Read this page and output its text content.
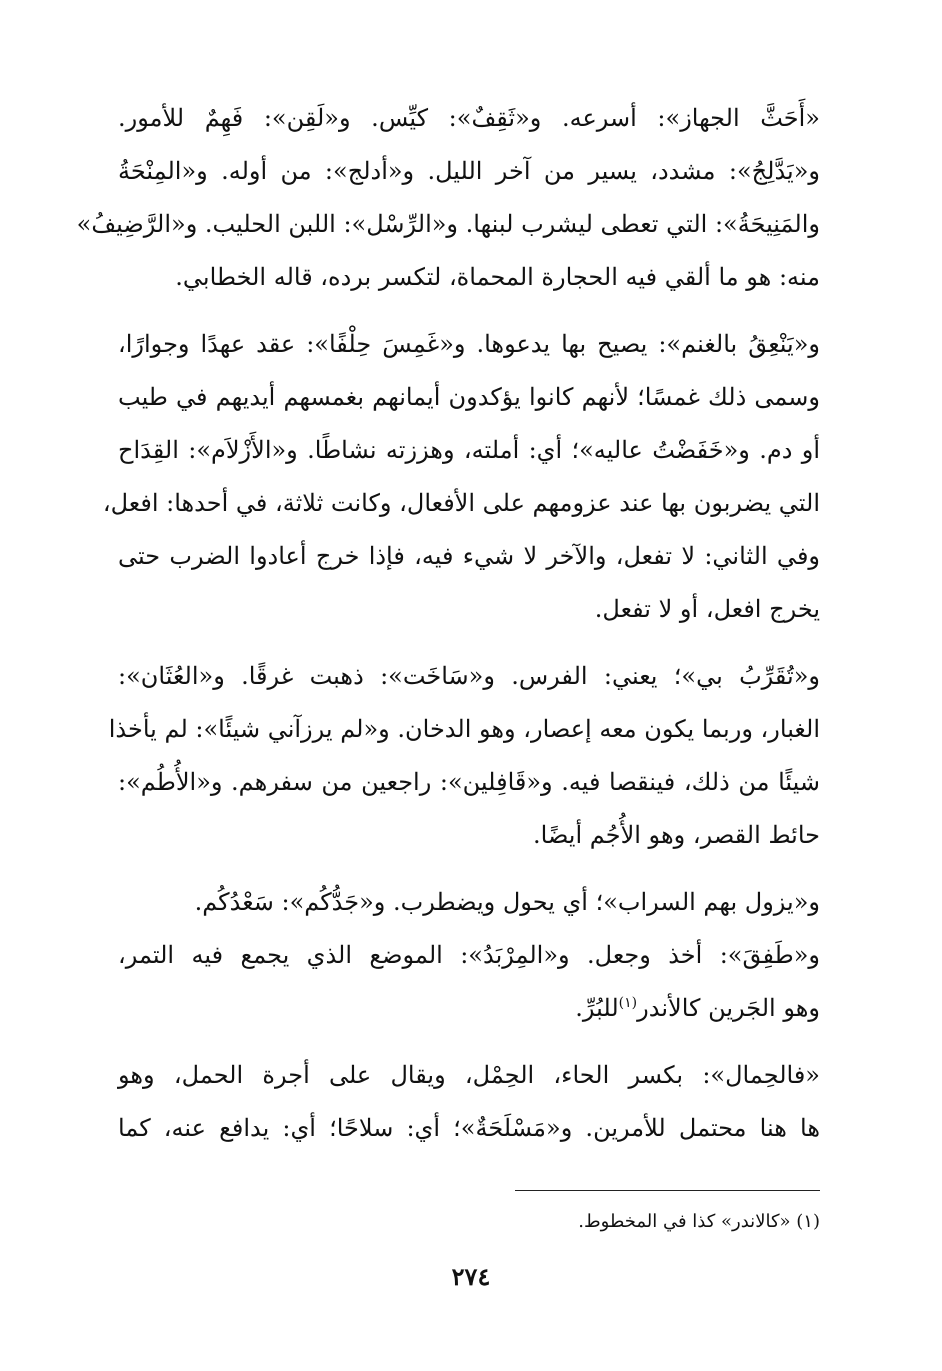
«أَحَثَّ الجهاز»: أسرعه. و«ثَقِفٌ»: كيِّس. و«لَقِن»: فَهِمٌ للأمور.
و«يَدَّلِجُ»: مشدد، يسير من آخر الليل. و«أدلج»: من أوله. و«المِنْحَةُ
والمَنِيحَةُ»: التي تعطى ليشرب لبنها. و«الرِّسْل»: اللبن الحليب. و«الرَّضِيفُ»
منه: هو ما ألقي فيه الحجارة المحماة، لتكسر برده، قاله الخطابي.

و«يَنْعِقُ بالغنم»: يصيح بها يدعوها. و«غَمِسَ حِلْفًا»: عقد عهدًا وجوارًا،
وسمى ذلك غمسًا؛ لأنهم كانوا يؤكدون أيمانهم بغمسهم أيديهم في طيب
أو دم. و«خَفَضْتُ عاليه»؛ أي: أملته، وهززته نشاطًا. و«الأَزْلاَم»: القِدَاح
التي يضربون بها عند عزومهم على الأفعال، وكانت ثلاثة، في أحدها: افعل،
وفي الثاني: لا تفعل، والآخر لا شيء فيه، فإذا خرج أعادوا الضرب حتى
يخرج افعل، أو لا تفعل.

و«تُقَرِّبُ بي»؛ يعني: الفرس. و«سَاخَت»: ذهبت غرقًا. و«العُثَان»:
الغبار، وربما يكون معه إعصار، وهو الدخان. و«لم يرزآني شيئًا»: لم يأخذا
شيئًا من ذلك، فينقصا فيه. و«قَافِلين»: راجعين من سفرهم. و«الأُطُم»:
حائط القصر، وهو الأُجُم أيضًا.

و«يزول بهم السراب»؛ أي يحول ويضطرب. و«جَدُّكُم»: سَعْدُكُم.
و«طَفِقَ»: أخذ وجعل. و«المِرْبَدُ»: الموضع الذي يجمع فيه التمر،
وهو الجَرين كالأندر$^{(١)}$للبُرِّ.

«فالحِمال»: بكسر الحاء، الحِمْل، ويقال على أجرة الحمل، وهو
ها هنا محتمل للأمرين. و«مَسْلَحَةٌ»؛ أي: سلاحًا؛ أي: يدافع عنه، كما

(١) «كالاندر» كذا في المخطوط.
٢٧٤
